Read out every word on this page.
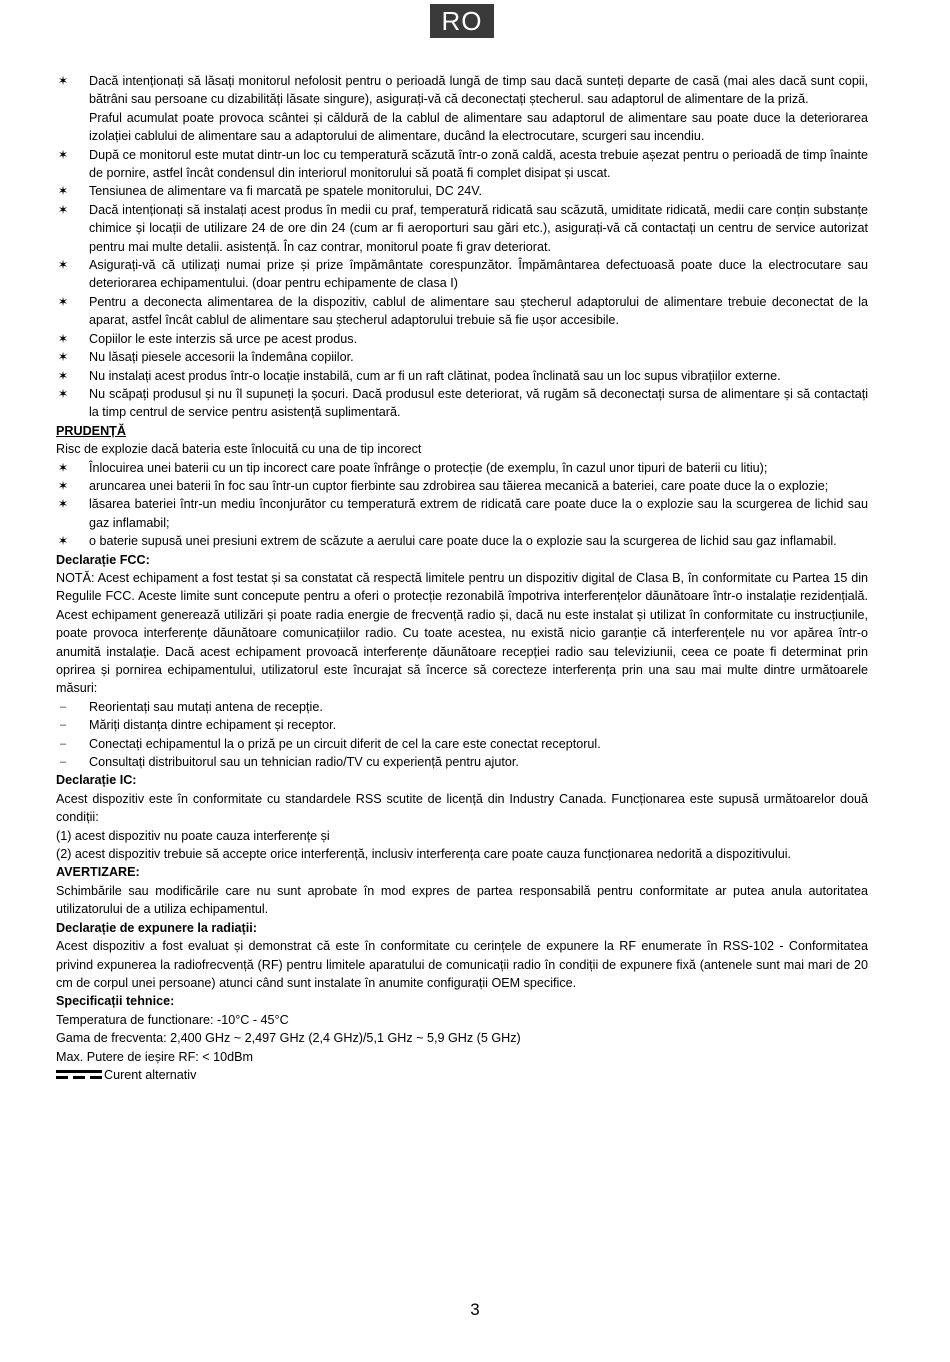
RO
✶ Dacă intenționați să lăsați monitorul nefolosit pentru o perioadă lungă de timp sau dacă sunteți departe de casă (mai ales dacă sunt copii, bătrâni sau persoane cu dizabilități lăsate singure), asigurați-vă că deconectați ștecherul. sau adaptorul de alimentare de la priză.
Praful acumulat poate provoca scântei și căldură de la cablul de alimentare sau adaptorul de alimentare sau poate duce la deteriorarea izolației cablului de alimentare sau a adaptorului de alimentare, ducând la electrocutare, scurgeri sau incendiu.
✶ După ce monitorul este mutat dintr-un loc cu temperatură scăzută într-o zonă caldă, acesta trebuie așezat pentru o perioadă de timp înainte de pornire, astfel încât condensul din interiorul monitorului să poată fi complet disipat și uscat.
✶ Tensiunea de alimentare va fi marcată pe spatele monitorului, DC 24V.
✶ Dacă intenționați să instalați acest produs în medii cu praf, temperatură ridicată sau scăzută, umiditate ridicată, medii care conțin substanțe chimice și locații de utilizare 24 de ore din 24 (cum ar fi aeroporturi sau gări etc.), asigurați-vă că contactați un centru de service autorizat pentru mai multe detalii. asistență. În caz contrar, monitorul poate fi grav deteriorat.
✶ Asigurați-vă că utilizați numai prize și prize împământate corespunzător. Împământarea defectuoasă poate duce la electrocutare sau deteriorarea echipamentului. (doar pentru echipamente de clasa I)
✶ Pentru a deconecta alimentarea de la dispozitiv, cablul de alimentare sau ștecherul adaptorului de alimentare trebuie deconectat de la aparat, astfel încât cablul de alimentare sau ștecherul adaptorului trebuie să fie ușor accesibile.
✶ Copiilor le este interzis să urce pe acest produs.
✶ Nu lăsați piesele accesorii la îndemâna copiilor.
✶ Nu instalați acest produs într-o locație instabilă, cum ar fi un raft clătinat, podea înclinată sau un loc supus vibrațiilor externe.
✶ Nu scăpați produsul și nu îl supuneți la șocuri. Dacă produsul este deteriorat, vă rugăm să deconectați sursa de alimentare și să contactați la timp centrul de service pentru asistență suplimentară.
PRUDENȚĂ
Risc de explozie dacă bateria este înlocuită cu una de tip incorect
✶ Înlocuirea unei baterii cu un tip incorect care poate înfrânge o protecție (de exemplu, în cazul unor tipuri de baterii cu litiu);
✶ aruncarea unei baterii în foc sau într-un cuptor fierbinte sau zdrobirea sau tăierea mecanică a bateriei, care poate duce la o explozie;
✶ lăsarea bateriei într-un mediu înconjurător cu temperatură extrem de ridicată care poate duce la o explozie sau la scurgerea de lichid sau gaz inflamabil;
✶ o baterie supusă unei presiuni extrem de scăzute a aerului care poate duce la o explozie sau la scurgerea de lichid sau gaz inflamabil.
Declarație FCC:
NOTĂ: Acest echipament a fost testat și sa constatat că respectă limitele pentru un dispozitiv digital de Clasa B, în conformitate cu Partea 15 din Regulile FCC. Aceste limite sunt concepute pentru a oferi o protecție rezonabilă împotriva interferențelor dăunătoare într-o instalație rezidențială. Acest echipament generează utilizări și poate radia energie de frecvență radio și, dacă nu este instalat și utilizat în conformitate cu instrucțiunile, poate provoca interferențe dăunătoare comunicațiilor radio. Cu toate acestea, nu există nicio garanție că interferențele nu vor apărea într-o anumită instalație. Dacă acest echipament provoacă interferențe dăunătoare recepției radio sau televiziunii, ceea ce poate fi determinat prin oprirea și pornirea echipamentului, utilizatorul este încurajat să încerce să corecteze interferența prin una sau mai multe dintre următoarele măsuri:
–	Reorientați sau mutați antena de recepție.
–	Măriți distanța dintre echipament și receptor.
–	Conectați echipamentul la o priză pe un circuit diferit de cel la care este conectat receptorul.
–	Consultați distribuitorul sau un tehnician radio/TV cu experiență pentru ajutor.
Declarație IC:
Acest dispozitiv este în conformitate cu standardele RSS scutite de licență din Industry Canada. Funcționarea este supusă următoarelor două condiții:
(1) acest dispozitiv nu poate cauza interferențe și
(2) acest dispozitiv trebuie să accepte orice interferență, inclusiv interferența care poate cauza funcționarea nedorită a dispozitivului.
AVERTIZARE:
Schimbările sau modificările care nu sunt aprobate în mod expres de partea responsabilă pentru conformitate ar putea anula autoritatea utilizatorului de a utiliza echipamentul.
Declarație de expunere la radiații:
Acest dispozitiv a fost evaluat și demonstrat că este în conformitate cu cerințele de expunere la RF enumerate în RSS-102 - Conformitatea privind expunerea la radiofrecvență (RF) pentru limitele aparatului de comunicații radio în condiții de expunere fixă (antenele sunt mai mari de 20 cm de corpul unei persoane) atunci când sunt instalate în anumite configurații OEM specifice.
Specificații tehnice:
Temperatura de functionare: -10°C - 45°C
Gama de frecventa: 2,400 GHz ~ 2,497 GHz (2,4 GHz)/5,1 GHz ~ 5,9 GHz (5 GHz)
Max. Putere de ieșire RF: < 10dBm
Curent alternativ
3
